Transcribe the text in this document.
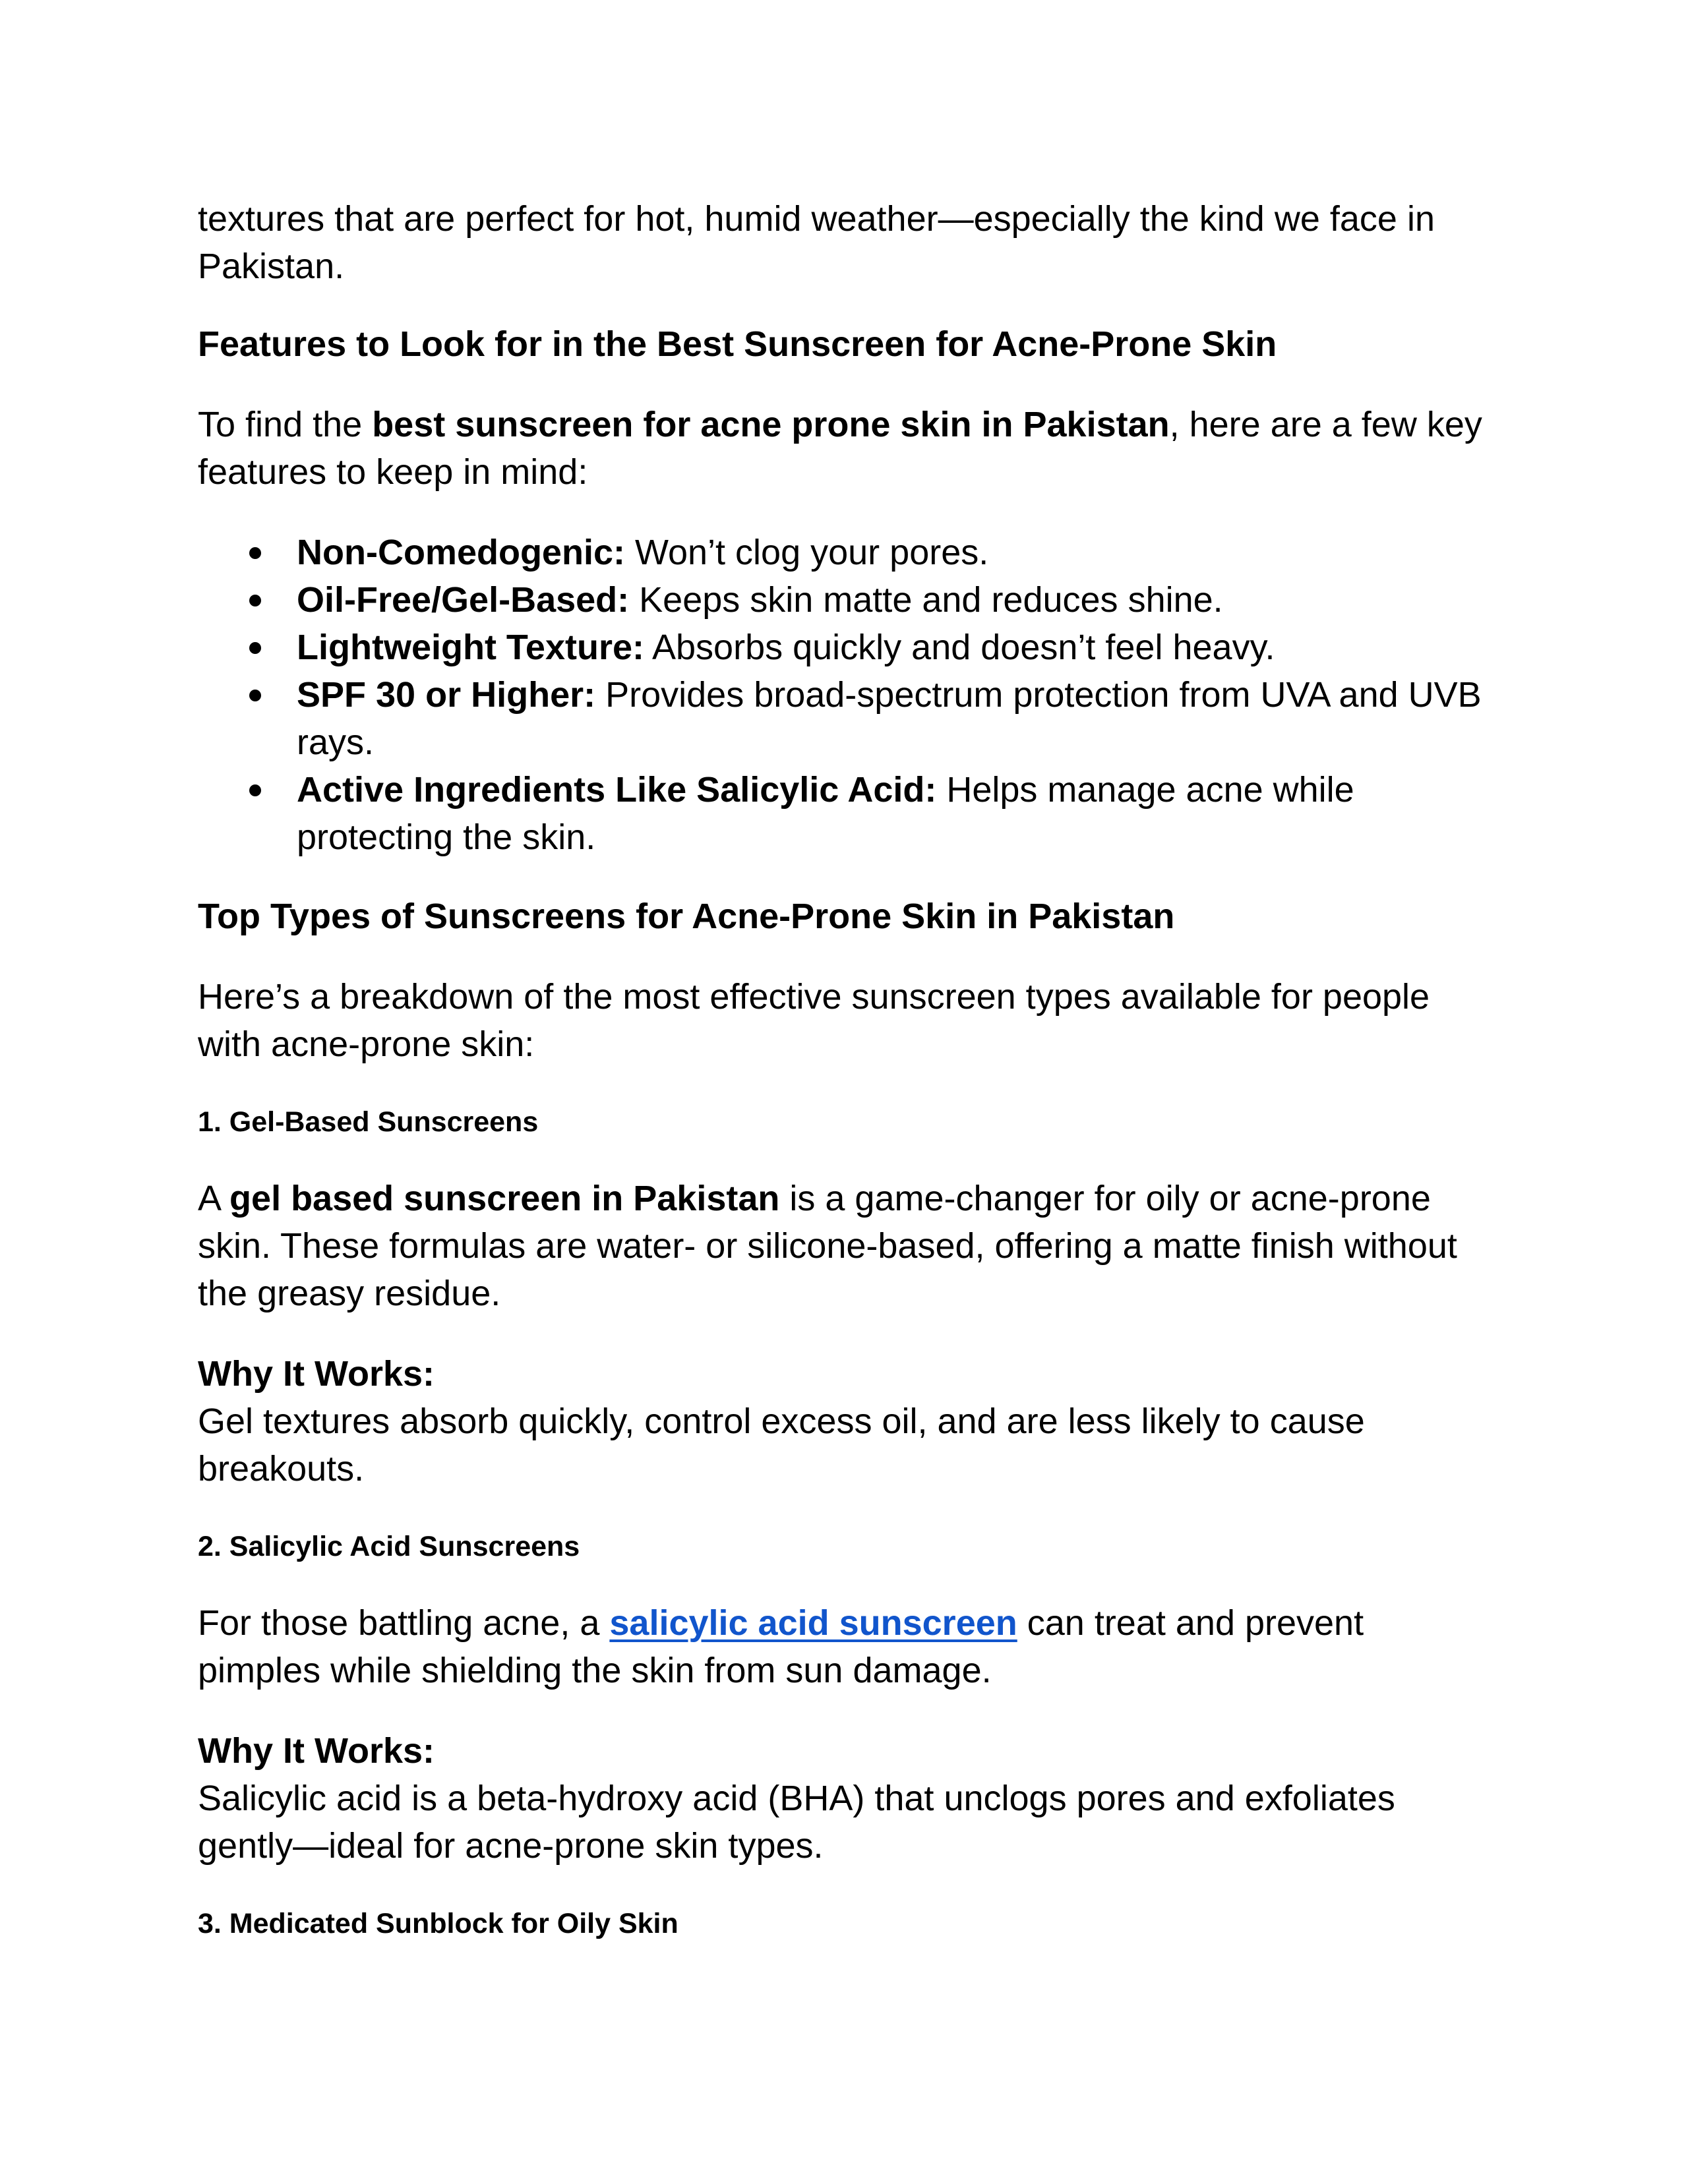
textures that are perfect for hot, humid weather—especially the kind we face in Pakistan.

Features to Look for in the Best Sunscreen for Acne-Prone Skin

To find the best sunscreen for acne prone skin in Pakistan, here are a few key features to keep in mind:

Non-Comedogenic: Won’t clog your pores.
Oil-Free/Gel-Based: Keeps skin matte and reduces shine.
Lightweight Texture: Absorbs quickly and doesn’t feel heavy.
SPF 30 or Higher: Provides broad-spectrum protection from UVA and UVB rays.
Active Ingredients Like Salicylic Acid: Helps manage acne while protecting the skin.

Top Types of Sunscreens for Acne-Prone Skin in Pakistan

Here’s a breakdown of the most effective sunscreen types available for people with acne-prone skin:

1. Gel-Based Sunscreens

A gel based sunscreen in Pakistan is a game-changer for oily or acne-prone skin. These formulas are water- or silicone-based, offering a matte finish without the greasy residue.

Why It Works:
Gel textures absorb quickly, control excess oil, and are less likely to cause breakouts.

2. Salicylic Acid Sunscreens

For those battling acne, a salicylic acid sunscreen can treat and prevent pimples while shielding the skin from sun damage.

Why It Works:
Salicylic acid is a beta-hydroxy acid (BHA) that unclogs pores and exfoliates gently—ideal for acne-prone skin types.

3. Medicated Sunblock for Oily Skin
